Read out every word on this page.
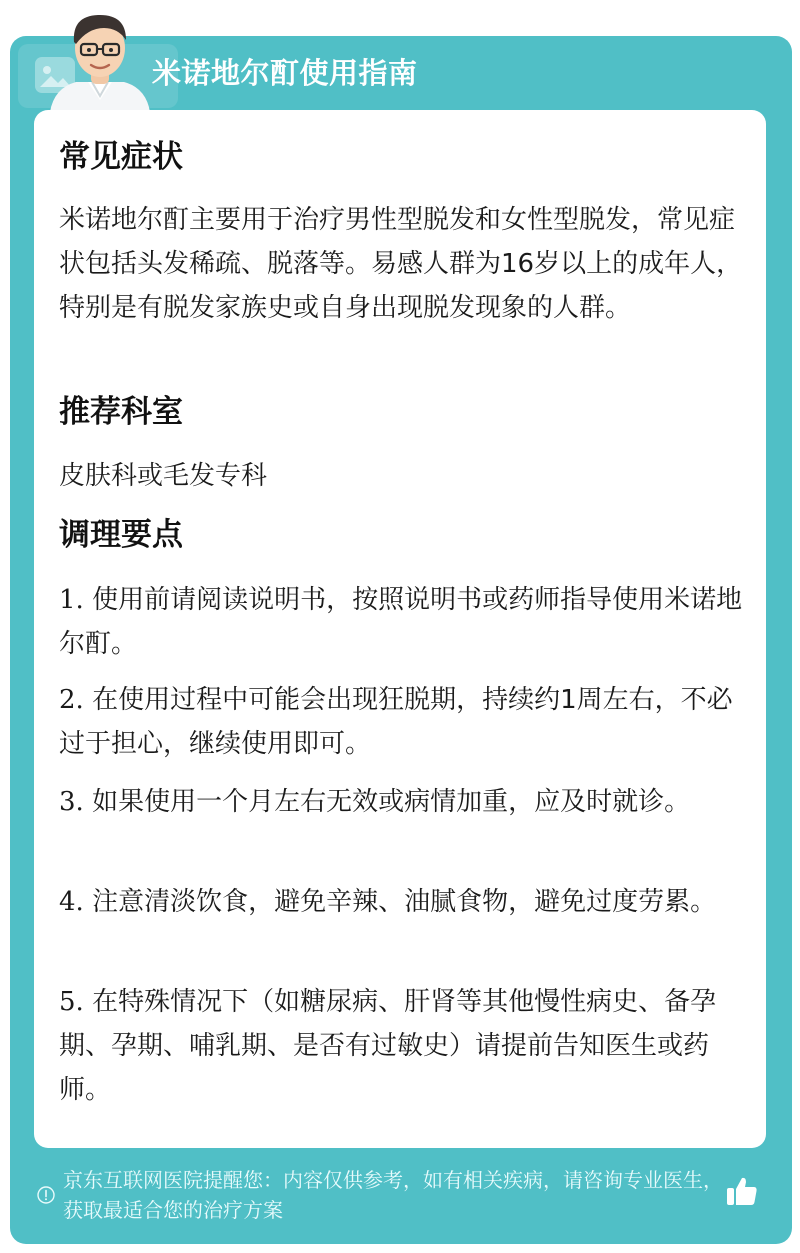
米诺地尔酊使用指南
常见症状

米诺地尔酊主要用于治疗男性型脱发和女性型脱发，常见症状包括头发稀疏、脱落等。易感人群为16岁以上的成年人，特别是有脱发家族史或自身出现脱发现象的人群。

推荐科室

皮肤科或毛发专科

调理要点

1. 使用前请阅读说明书，按照说明书或药师指导使用米诺地尔酊。

2. 在使用过程中可能会出现狂脱期，持续约1周左右，不必过于担心，继续使用即可。

3. 如果使用一个月左右无效或病情加重，应及时就诊。

4. 注意清淡饮食，避免辛辣、油腻食物，避免过度劳累。

5. 在特殊情况下（如糖尿病、肝肾等其他慢性病史、备孕期、孕期、哺乳期、是否有过敏史）请提前告知医生或药师。

京东互联网医院提醒您：内容仅供参考，如有相关疾病，请咨询专业医生，获取最适合您的治疗方案
